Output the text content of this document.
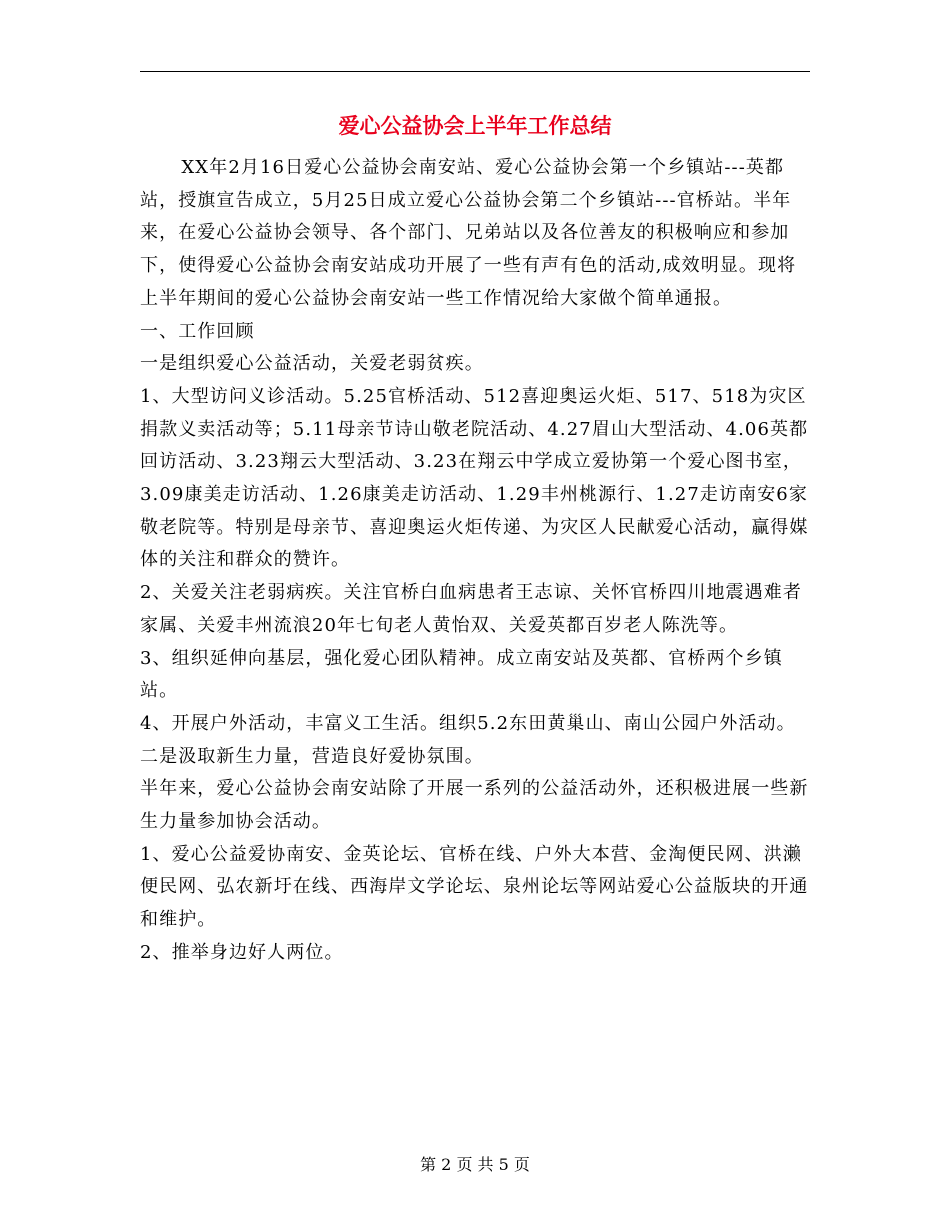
爱心公益协会上半年工作总结

XX年2月16日爱心公益协会南安站、爱心公益协会第一个乡镇站---英都站，授旗宣告成立，5月25日成立爱心公益协会第二个乡镇站---官桥站。半年来，在爱心公益协会领导、各个部门、兄弟站以及各位善友的积极响应和参加下，使得爱心公益协会南安站成功开展了一些有声有色的活动,成效明显。现将上半年期间的爱心公益协会南安站一些工作情况给大家做个简单通报。

一、工作回顾

一是组织爱心公益活动，关爱老弱贫疾。

1、大型访问义诊活动。5.25官桥活动、512喜迎奥运火炬、517、518为灾区捐款义卖活动等；5.11母亲节诗山敬老院活动、4.27眉山大型活动、4.06英都回访活动、3.23翔云大型活动、3.23在翔云中学成立爱协第一个爱心图书室， 3.09康美走访活动、1.26康美走访活动、1.29丰州桃源行、1.27走访南安6家敬老院等。特别是母亲节、喜迎奥运火炬传递、为灾区人民献爱心活动，赢得媒体的关注和群众的赞许。

2、关爱关注老弱病疾。关注官桥白血病患者王志谅、关怀官桥四川地震遇难者家属、关爱丰州流浪20年七旬老人黄怡双、关爱英都百岁老人陈洗等。

3、组织延伸向基层，强化爱心团队精神。成立南安站及英都、官桥两个乡镇站。

4、开展户外活动，丰富义工生活。组织5.2东田黄巢山、南山公园户外活动。

二是汲取新生力量，营造良好爱协氛围。

半年来，爱心公益协会南安站除了开展一系列的公益活动外，还积极进展一些新生力量参加协会活动。

1、爱心公益爱协南安、金英论坛、官桥在线、户外大本营、金淘便民网、洪濑便民网、弘农新圩在线、西海岸文学论坛、泉州论坛等网站爱心公益版块的开通和维护。

2、推举身边好人两位。

第 2 页 共 5 页
